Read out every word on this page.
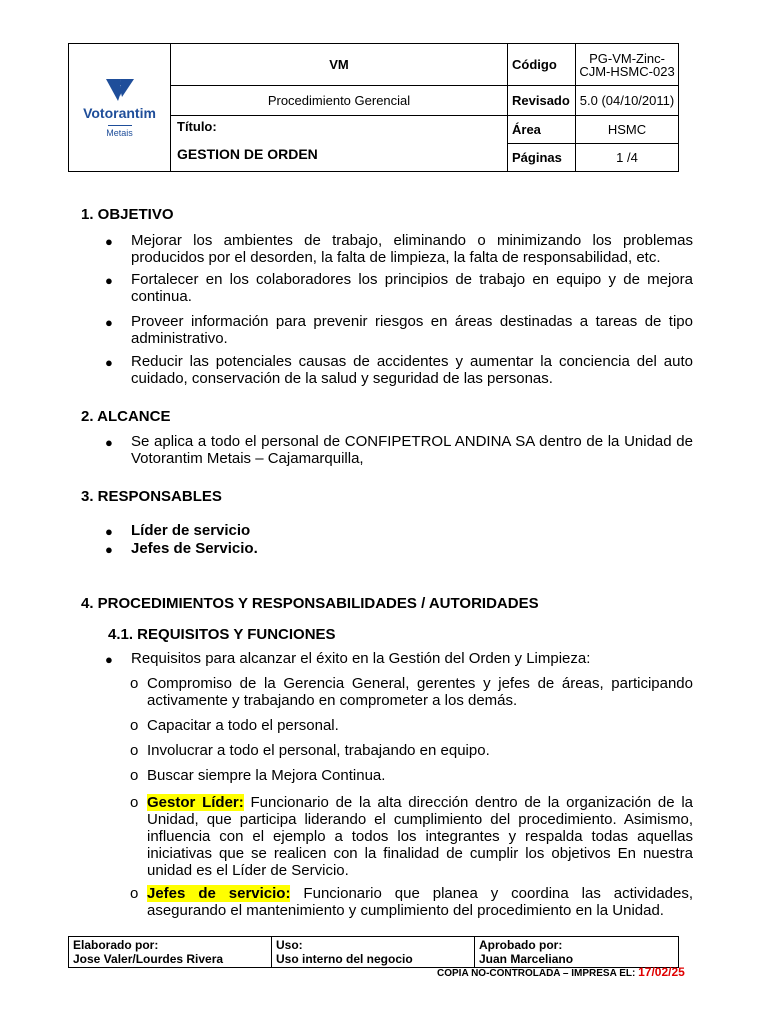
Votorantim
Metais	VM	Código	PG-VM-Zinc-CJM-HSMC-023
	Procedimiento Gerencial	Revisado	5.0 (04/10/2011)

	Título:
GESTION DE ORDEN	Área	HSMC
		Páginas	1 /4
1. OBJETIVO
● Mejorar los ambientes de trabajo, eliminando o minimizando los problemas producidos por el desorden, la falta de limpieza, la falta de responsabilidad, etc.
● Fortalecer en los colaboradores los principios de trabajo en equipo y de mejora continua.
● Proveer información para prevenir riesgos en áreas destinadas a tareas de tipo administrativo.
● Reducir las potenciales causas de accidentes y aumentar la conciencia del auto cuidado, conservación de la salud y seguridad de las personas.
2. ALCANCE
● Se aplica a todo el personal de CONFIPETROL ANDINA SA dentro de la Unidad de Votorantim Metais – Cajamarquilla,
3. RESPONSABLES
● Líder de servicio
● Jefes de Servicio.
4. PROCEDIMIENTOS Y RESPONSABILIDADES / AUTORIDADES
4.1. REQUISITOS Y FUNCIONES
● Requisitos para alcanzar el éxito en la Gestión del Orden y Limpieza:
o Compromiso de la Gerencia General, gerentes y jefes de áreas, participando activamente y trabajando en comprometer a los demás.
o Capacitar a todo el personal.
o Involucrar a todo el personal, trabajando en equipo.
o Buscar siempre la Mejora Continua.
o Gestor Líder: Funcionario de la alta dirección dentro de la organización de la Unidad, que participa liderando el cumplimiento del procedimiento. Asimismo, influencia con el ejemplo a todos los integrantes y respalda todas aquellas iniciativas que se realicen con la finalidad de cumplir los objetivos En nuestra unidad es el Líder de Servicio.
o Jefes de servicio: Funcionario que planea y coordina las actividades, asegurando el mantenimiento y cumplimiento del procedimiento en la Unidad.
Elaborado por:
Jose Valer/Lourdes Rivera

Uso:
Uso interno del negocio

Aprobado por:
Juan Marceliano
COPIA NO-CONTROLADA – IMPRESA EL: 17/02/25
